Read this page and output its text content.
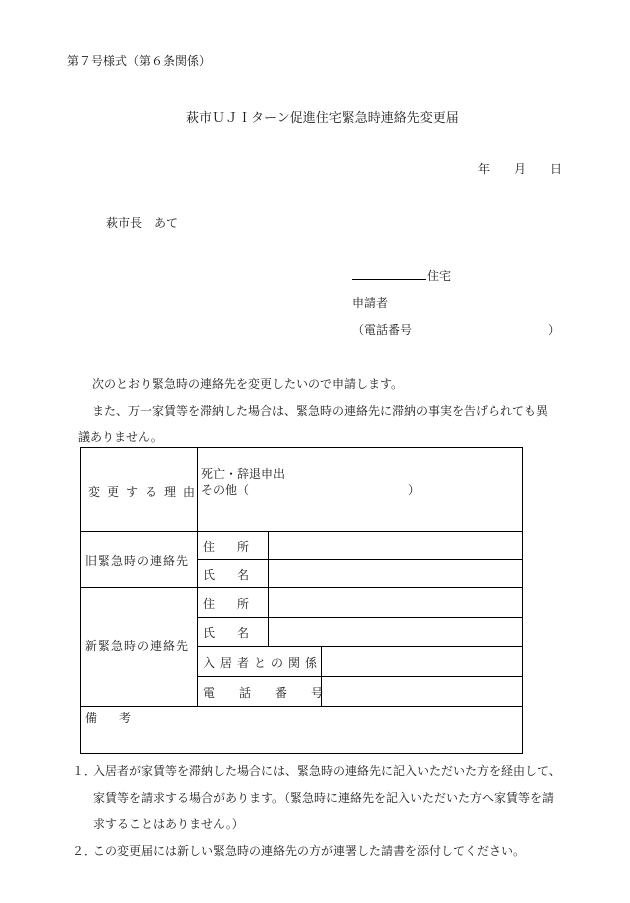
第７号様式（第６条関係）
萩市ＵＪＩターン促進住宅緊急時連絡先変更届
年 月 日
萩市長　あて
住宅
申請者
（電話番号	）
次のとおり緊急時の連絡先を変更したいので申請します。
また、万一家賃等を滞納した場合は、緊急時の連絡先に滞納の事実を告げられても異
議ありません。
変更する理由
死亡・辞退申出
その他（	）
旧緊急時の連絡先
住所
氏名
新緊急時の連絡先
住所
氏名
入居者との関係
電話番号
備考
１．
入居者が家賃等を滞納した場合には、緊急時の連絡先に記入いただいた方を経由して、
家賃等を請求する場合があります。（緊急時に連絡先を記入いただいた方へ家賃等を請
求することはありません。）
２．
この変更届には新しい緊急時の連絡先の方が連署した請書を添付してください。
